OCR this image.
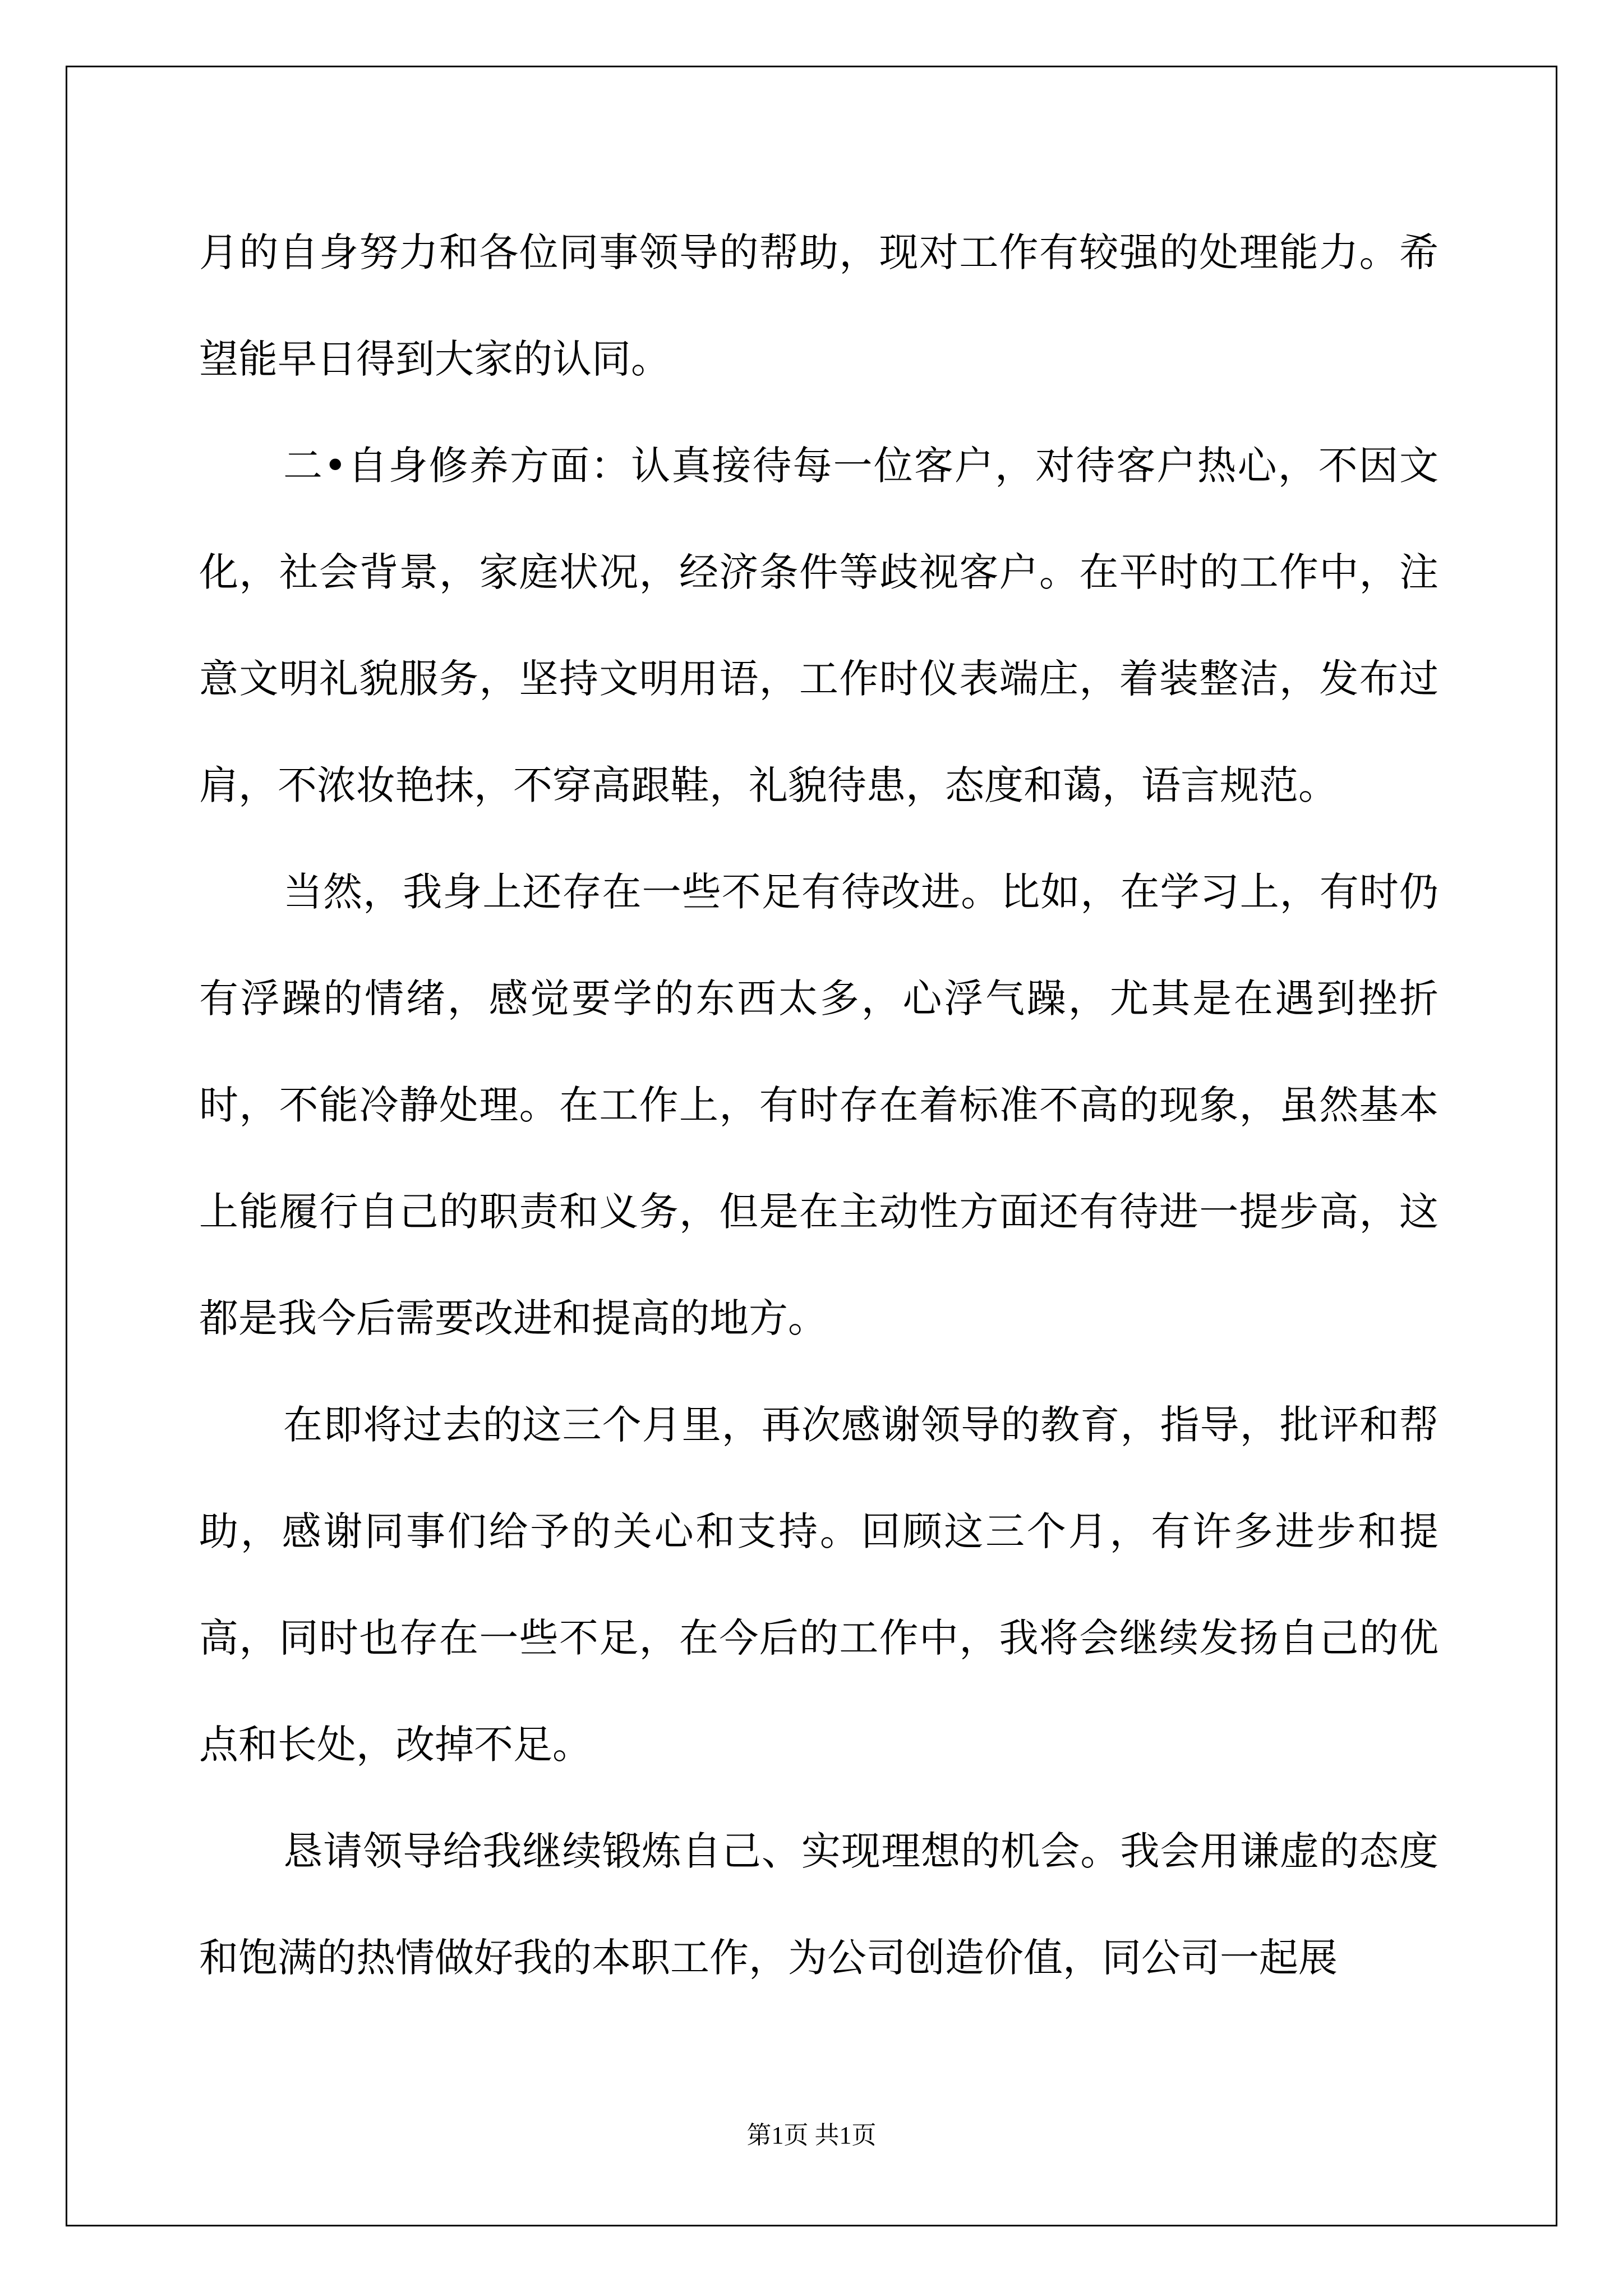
月的自身努力和各位同事领导的帮助，现对工作有较强的处理能力。希望能早日得到大家的认同。

二•自身修养方面：认真接待每一位客户，对待客户热心，不因文化，社会背景，家庭状况，经济条件等歧视客户。在平时的工作中，注意文明礼貌服务，坚持文明用语，工作时仪表端庄，着装整洁，发布过肩，不浓妆艳抹，不穿高跟鞋，礼貌待患，态度和蔼，语言规范。

当然，我身上还存在一些不足有待改进。比如，在学习上，有时仍有浮躁的情绪，感觉要学的东西太多，心浮气躁，尤其是在遇到挫折时，不能冷静处理。在工作上，有时存在着标准不高的现象，虽然基本上能履行自己的职责和义务，但是在主动性方面还有待进一提步高，这都是我今后需要改进和提高的地方。

在即将过去的这三个月里，再次感谢领导的教育，指导，批评和帮助，感谢同事们给予的关心和支持。回顾这三个月，有许多进步和提高，同时也存在一些不足，在今后的工作中，我将会继续发扬自己的优点和长处，改掉不足。

恳请领导给我继续锻炼自己、实现理想的机会。我会用谦虚的态度和饱满的热情做好我的本职工作，为公司创造价值，同公司一起展

第1页 共1页
